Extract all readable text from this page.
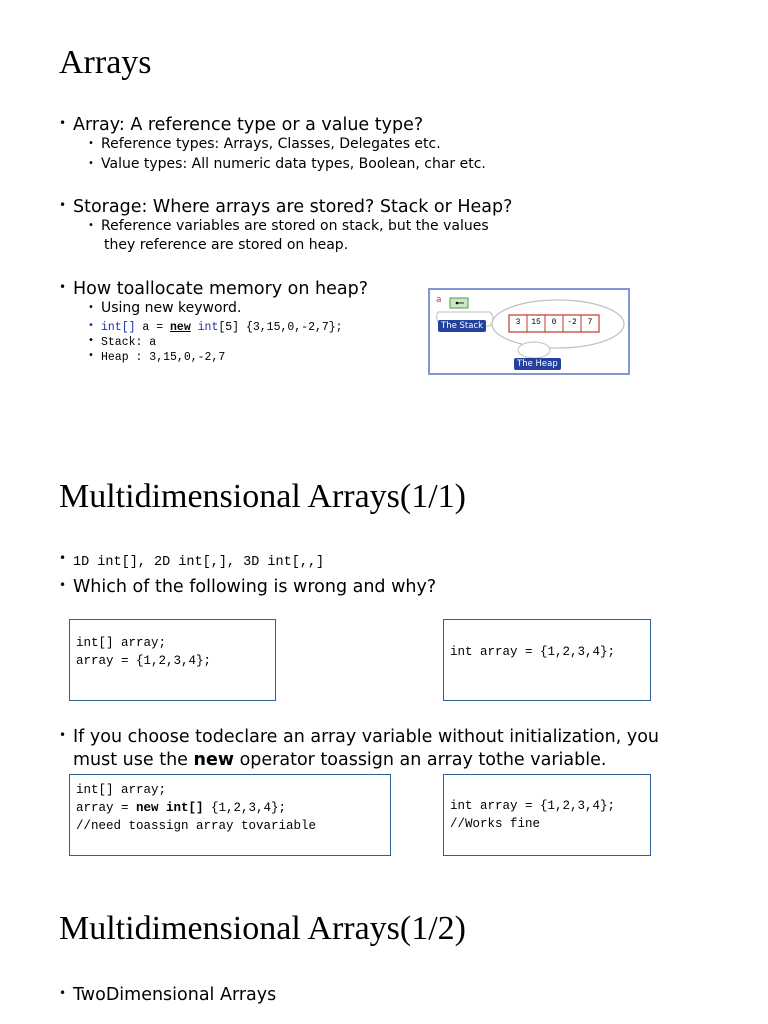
Arrays
• Array: A reference type or a value type?
• Reference types: Arrays, Classes, Delegates etc.
• Value types: All numeric data types, Boolean, char etc.
• Storage: Where arrays are stored? Stack or Heap?
• Reference variables are stored on stack, but the values
they reference are stored on heap.
• How toallocate memory on heap?
• Using new keyword.
• int[] a = new int[5] {3,15,0,-2,7};
• Stack: a
• Heap : 3,15,0,-2,7
a
The Stack
The Heap
3	15	0	-2	7
Multidimensional Arrays(1/1)
• 1D int[], 2D int[,], 3D int[,,]
• Which of the following is wrong and why?
int[] array;
array = {1,2,3,4};
int array = {1,2,3,4};
• If you choose todeclare an array variable without initialization, you
must use the new operator toassign an array tothe variable.
int[] array;
array = new int[] {1,2,3,4};
//need toassign array tovariable
int array = {1,2,3,4};
//Works fine
Multidimensional Arrays(1/2)
• TwoDimensional Arrays
